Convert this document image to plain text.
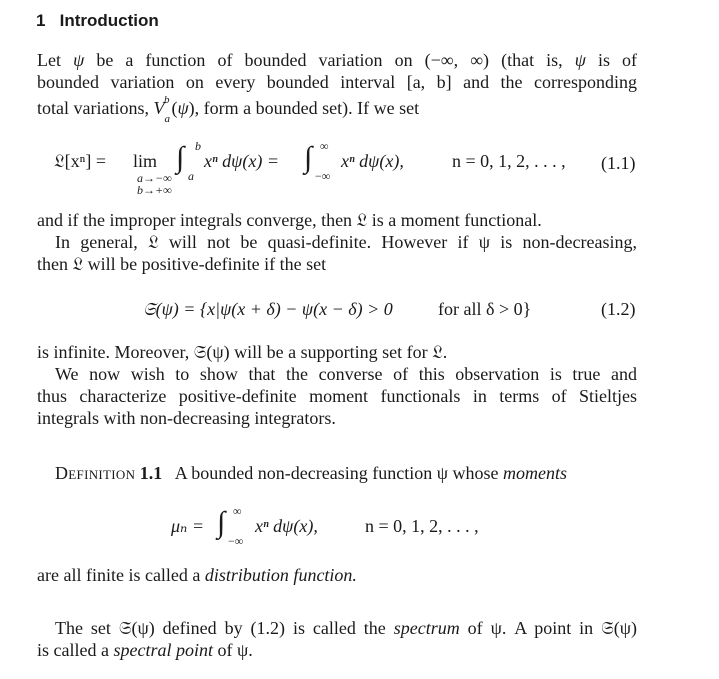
1 Introduction
Let ψ be a function of bounded variation on (−∞, ∞) (that is, ψ is of
bounded variation on every bounded interval [a, b] and the corresponding
total variations, $V_a^b$ (ψ), form a bounded set). If we set
𝔏[xⁿ] = lim
a→−∞
b→+∞
∫ b
a
xⁿ dψ(x) = ∫ ∞
−∞
xⁿ dψ(x),	n = 0, 1, 2, . . . , (1.1)
and if the improper integrals converge, then 𝔏 is a moment functional.
In general, 𝔏 will not be quasi-definite. However if ψ is non-decreasing,
then 𝔏 will be positive-definite if the set
𝔖(ψ) = {x|ψ(x + δ) − ψ(x − δ) > 0	for all δ > 0}	(1.2)
is infinite. Moreover, 𝔖(ψ) will be a supporting set for 𝔏.
We now wish to show that the converse of this observation is true and
thus characterize positive-definite moment functionals in terms of Stieltjes
integrals with non-decreasing integrators.
Definition 1.1 A bounded non-decreasing function ψ whose moments
μₙ = ∫ ∞
−∞
xⁿ dψ(x),	n = 0, 1, 2, . . . ,
are all finite is called a distribution function.
The set 𝔖(ψ) defined by (1.2) is called the spectrum of ψ. A point in 𝔖(ψ)
is called a spectral point of ψ.
